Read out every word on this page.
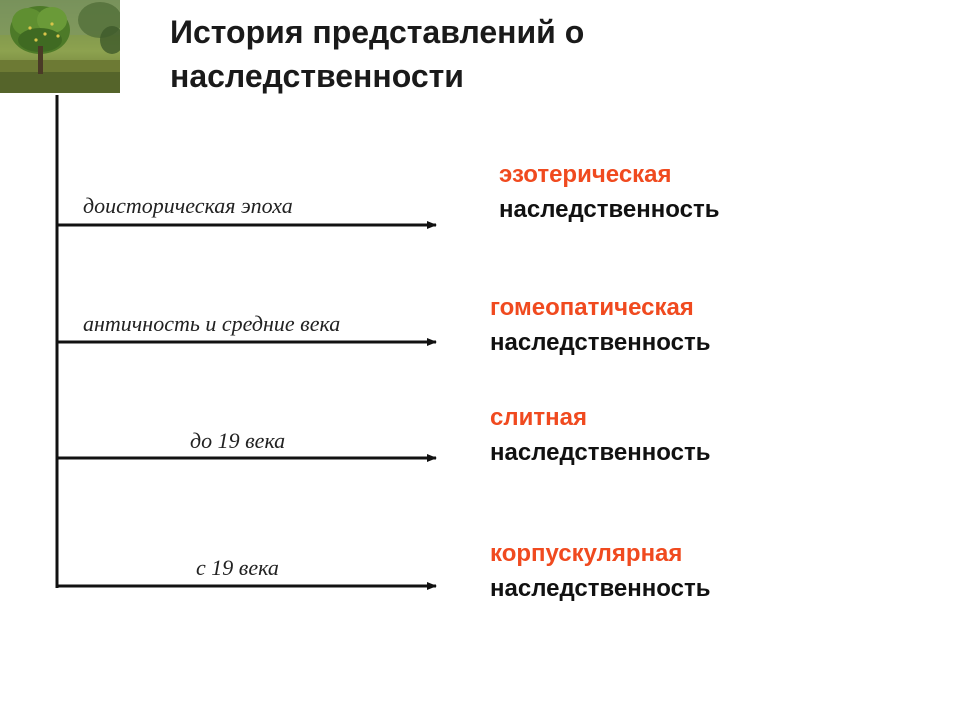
История представлений о наследственности
доисторическая эпоха
античность и средние века
до 19 века
с 19 века
эзотерическая
наследственность
гомеопатическая
наследственность
слитная
наследственность
корпускулярная
наследственность
